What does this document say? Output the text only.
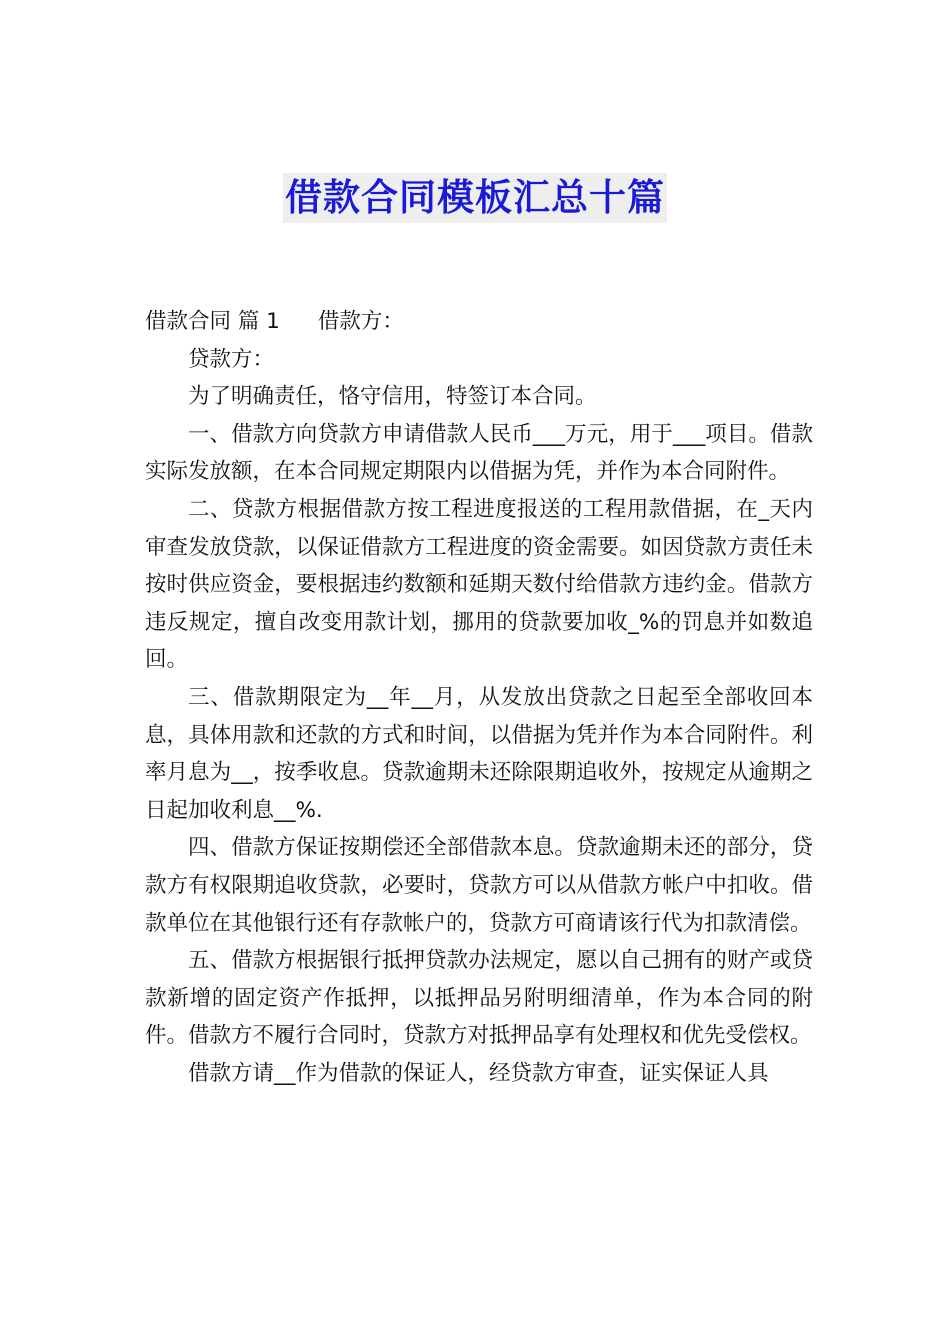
借款合同模板汇总十篇

借款合同 篇 1 借款方：

贷款方：

为了明确责任，恪守信用，特签订本合同。

一、借款方向贷款方申请借款人民币___万元，用于___项目。借款实际发放额，在本合同规定期限内以借据为凭，并作为本合同附件。

二、贷款方根据借款方按工程进度报送的工程用款借据，在_天内审查发放贷款，以保证借款方工程进度的资金需要。如因贷款方责任未按时供应资金，要根据违约数额和延期天数付给借款方违约金。借款方违反规定，擅自改变用款计划，挪用的贷款要加收_%的罚息并如数追回。

三、借款期限定为__年__月，从发放出贷款之日起至全部收回本息，具体用款和还款的方式和时间，以借据为凭并作为本合同附件。利率月息为__，按季收息。贷款逾期未还除限期追收外，按规定从逾期之日起加收利息__%.

四、借款方保证按期偿还全部借款本息。贷款逾期未还的部分，贷款方有权限期追收贷款，必要时，贷款方可以从借款方帐户中扣收。借款单位在其他银行还有存款帐户的，贷款方可商请该行代为扣款清偿。

五、借款方根据银行抵押贷款办法规定，愿以自己拥有的财产或贷款新增的固定资产作抵押，以抵押品另附明细清单，作为本合同的附件。借款方不履行合同时，贷款方对抵押品享有处理权和优先受偿权。

借款方请__作为借款的保证人，经贷款方审查，证实保证人具
